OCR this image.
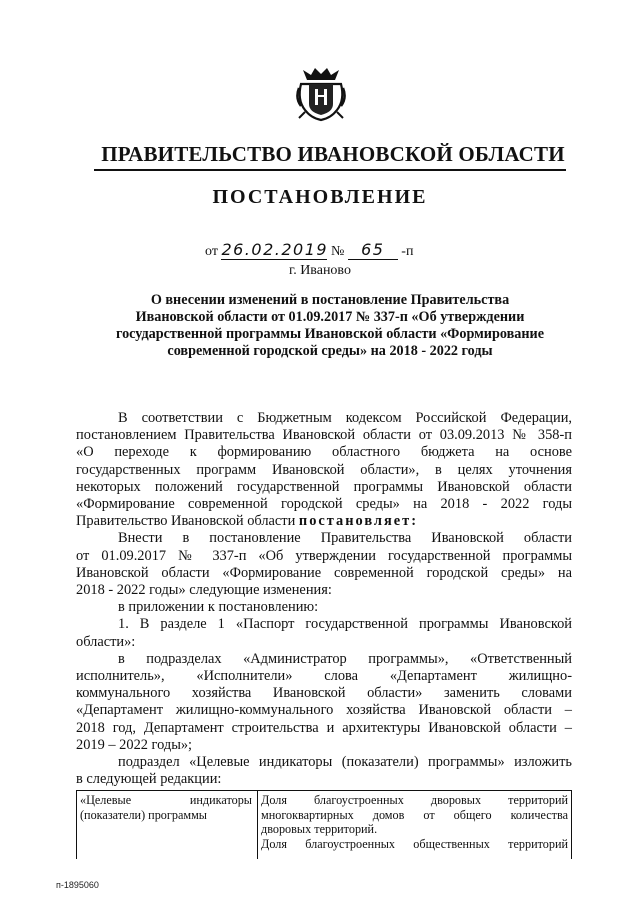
ПРАВИТЕЛЬСТВО ИВАНОВСКОЙ ОБЛАСТИ
ПОСТАНОВЛЕНИЕ
от 26.02.2019 № 65 -п
г. Иваново
О внесении изменений в постановление Правительства
Ивановской области от 01.09.2017 № 337-п «Об утверждении
государственной программы Ивановской области «Формирование
современной городской среды» на 2018 - 2022 годы
В соответствии с Бюджетным кодексом Российской Федерации,
постановлением Правительства Ивановской области от 03.09.2013 № 358-п
«О переходе к формированию областного бюджета на основе
государственных программ Ивановской области», в целях уточнения
некоторых положений государственной программы Ивановской области
«Формирование современной городской среды» на 2018 - 2022 годы
Правительство Ивановской области постановляет:
Внести в постановление Правительства Ивановской области
от 01.09.2017 № 337-п «Об утверждении государственной программы
Ивановской области «Формирование современной городской среды» на
2018 - 2022 годы» следующие изменения:
в приложении к постановлению:
1. В разделе 1 «Паспорт государственной программы Ивановской
области»:
в подразделах «Администратор программы», «Ответственный
исполнитель», «Исполнители» слова «Департамент жилищно-
коммунального хозяйства Ивановской области» заменить словами
«Департамент жилищно-коммунального хозяйства Ивановской области –
2018 год, Департамент строительства и архитектуры Ивановской области –
2019 – 2022 годы»;
подраздел «Целевые индикаторы (показатели) программы» изложить
в следующей редакции:
«Целевые индикаторы
(показатели) программы
Доля благоустроенных дворовых территорий
многоквартирных домов от общего количества
дворовых территорий.
Доля благоустроенных общественных территорий
п-1895060
